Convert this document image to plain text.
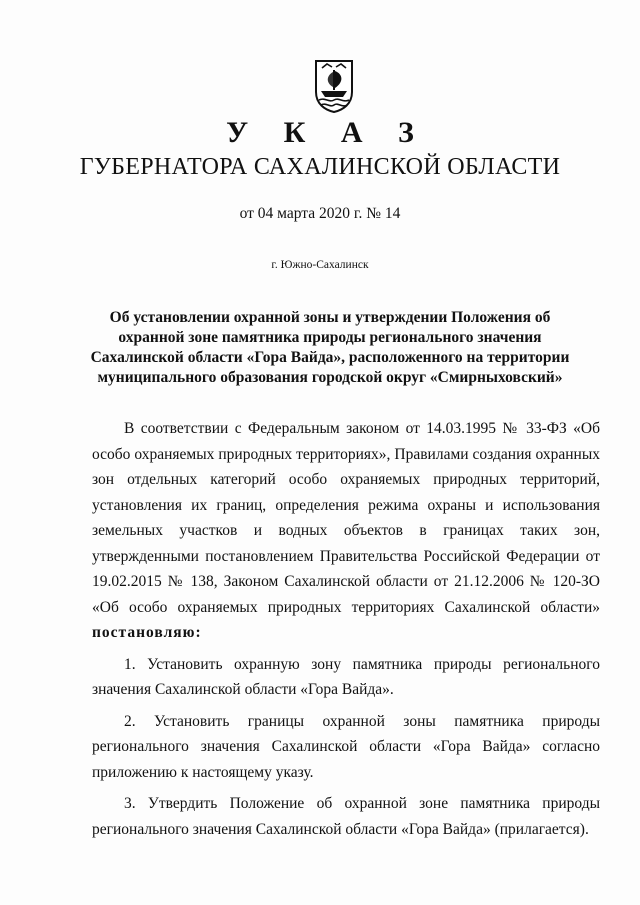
У К А З
ГУБЕРНАТОРА САХАЛИНСКОЙ ОБЛАСТИ
от 04 марта 2020 г. № 14
г. Южно-Сахалинск
Об установлении охранной зоны и утверждении Положения об охранной зоне памятника природы регионального значения Сахалинской области «Гора Вайда», расположенного на территории муниципального образования городской округ «Смирныховский»

В соответствии с Федеральным законом от 14.03.1995 № 33-ФЗ «Об особо охраняемых природных территориях», Правилами создания охранных зон отдельных категорий особо охраняемых природных территорий, установления их границ, определения режима охраны и использования земельных участков и водных объектов в границах таких зон, утвержденными постановлением Правительства Российской Федерации от 19.02.2015 № 138, Законом Сахалинской области от 21.12.2006 № 120-ЗО «Об особо охраняемых природных территориях Сахалинской области» постановляю:

1. Установить охранную зону памятника природы регионального значения Сахалинской области «Гора Вайда».

2. Установить границы охранной зоны памятника природы регионального значения Сахалинской области «Гора Вайда» согласно приложению к настоящему указу.

3. Утвердить Положение об охранной зоне памятника природы регионального значения Сахалинской области «Гора Вайда» (прилагается).
